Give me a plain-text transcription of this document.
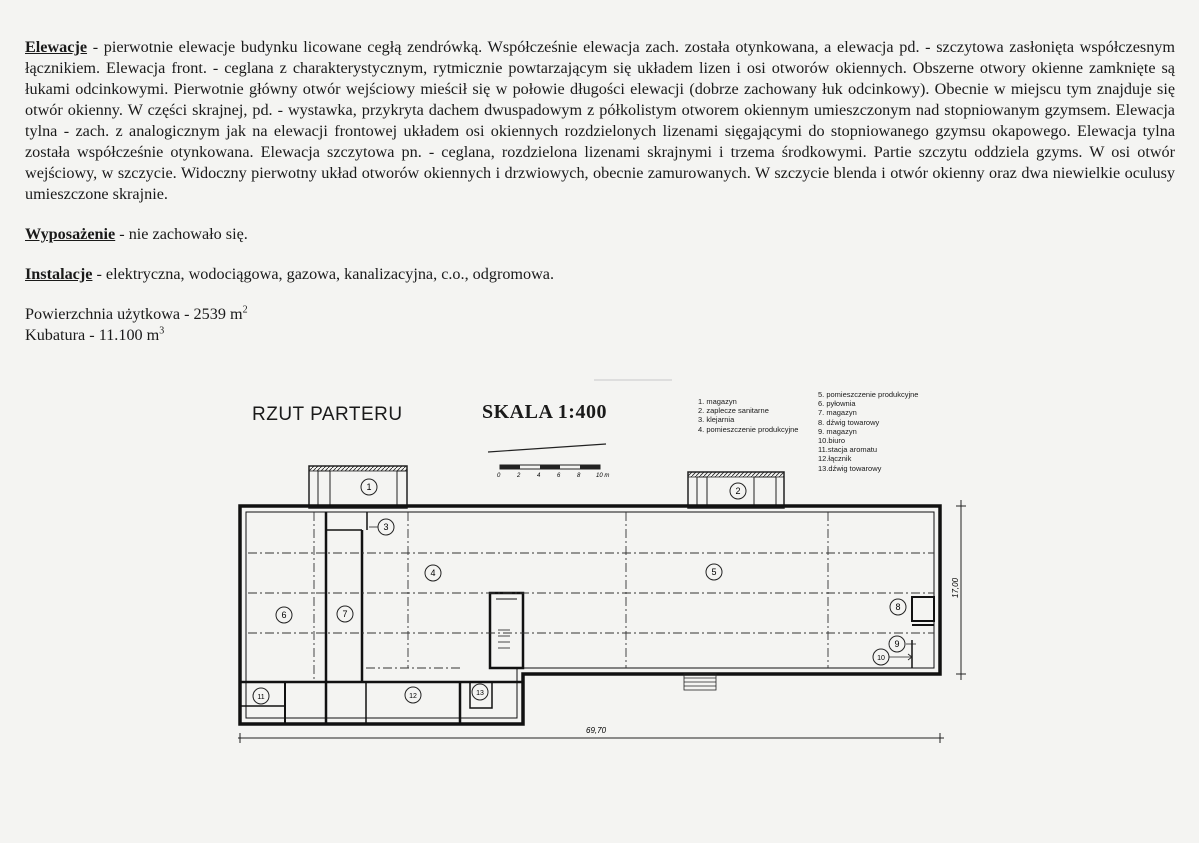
Elewacje - pierwotnie elewacje budynku licowane cegłą zendrówką. Współcześnie elewacja zach. została otynkowana, a elewacja pd. - szczytowa zasłonięta współczesnym łącznikiem. Elewacja front. - ceglana z charakterystycznym, rytmicznie powtarzającym się układem lizen i osi otworów okiennych. Obszerne otwory okienne zamknięte są łukami odcinkowymi. Pierwotnie główny otwór wejściowy mieścił się w połowie długości elewacji (dobrze zachowany łuk odcinkowy). Obecnie w miejscu tym znajduje się otwór okienny. W części skrajnej, pd. - wystawka, przykryta dachem dwuspadowym z półkolistym otworem okiennym umieszczonym nad stopniowanym gzymsem. Elewacja tylna - zach. z analogicznym jak na elewacji frontowej układem osi okiennych rozdzielonych lizenami sięgającymi do stopniowanego gzymsu okapowego. Elewacja tylna została współcześnie otynkowana. Elewacja szczytowa pn. - ceglana, rozdzielona lizenami skrajnymi i trzema środkowymi. Partie szczytu oddziela gzyms. W osi otwór wejściowy, w szczycie. Widoczny pierwotny układ otworów okiennych i drzwiowych, obecnie zamurowanych. W szczycie blenda i otwór okienny oraz dwa niewielkie oculusy umieszczone skrajnie.

Wyposażenie - nie zachowało się.

Instalacje - elektryczna, wodociągowa, gazowa, kanalizacyjna, c.o., odgromowa.

Powierzchnia użytkowa - 2539 $m^2$

Kubatura - 11.100 $m^3$

RZUT PARTERU	SKALA 1:400	1. magazyn
2. zaplecze sanitarne
3. klejarnia
4. pomieszczenie produkcyjne
5. pomieszczenie produkcyjne
6. pyłownia
7. magazyn
8. dźwig towarowy
9. magazyn
10.biuro
11.stacja aromatu
12.łącznik
13.dźwig towarowy
0	2	4	6	8	10 m
69,70
17,00
1	2
3
4	5
6	7
8
9
10
11	12	13
